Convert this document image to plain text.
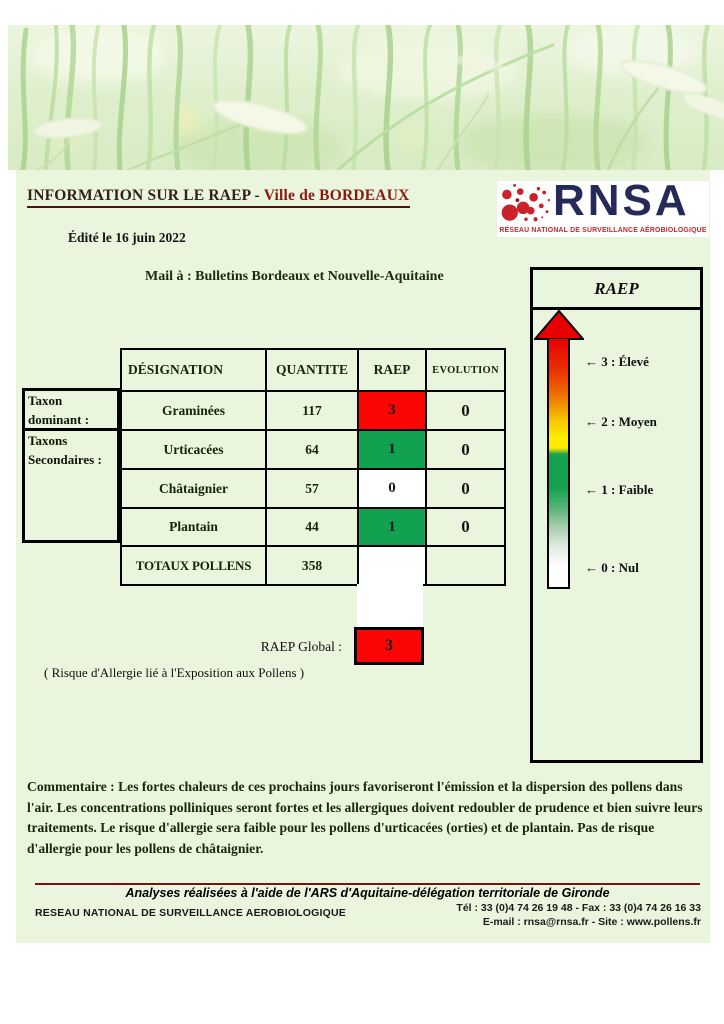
INFORMATION SUR LE RAEP - Ville de BORDEAUX	RNSA
RÉSEAU NATIONAL DE SURVEILLANCE AÉROBIOLOGIQUE
Édité le 16 juin 2022
Mail à : Bulletins Bordeaux et Nouvelle-Aquitaine
RAEP
← 3 : Élevé
← 2 : Moyen
← 1 : Faible
← 0 : Nul
Taxon dominant :
Taxons Secondaires :
DÉSIGNATION	QUANTITE	RAEP	EVOLUTION
Graminées	117	3	0
Urticacées	64	1	0
Châtaignier	57	0	0
Plantain	44	1	0
TOTAUX POLLENS	358
RAEP Global :	3
( Risque d'Allergie lié à l'Exposition aux Pollens )
Commentaire : Les fortes chaleurs de ces prochains jours favoriseront l'émission et la dispersion des pollens dans l'air. Les concentrations polliniques seront fortes et les allergiques doivent redoubler de prudence et bien suivre leurs traitements. Le risque d'allergie sera faible pour les pollens d'urticacées (orties) et de plantain. Pas de risque d'allergie pour les pollens de châtaignier.
Analyses réalisées à l'aide de l'ARS d'Aquitaine-délégation territoriale de Gironde
RESEAU NATIONAL DE SURVEILLANCE AEROBIOLOGIQUE	Tél : 33 (0)4 74 26 19 48 - Fax : 33 (0)4 74 26 16 33
E-mail : rnsa@rnsa.fr - Site : www.pollens.fr
